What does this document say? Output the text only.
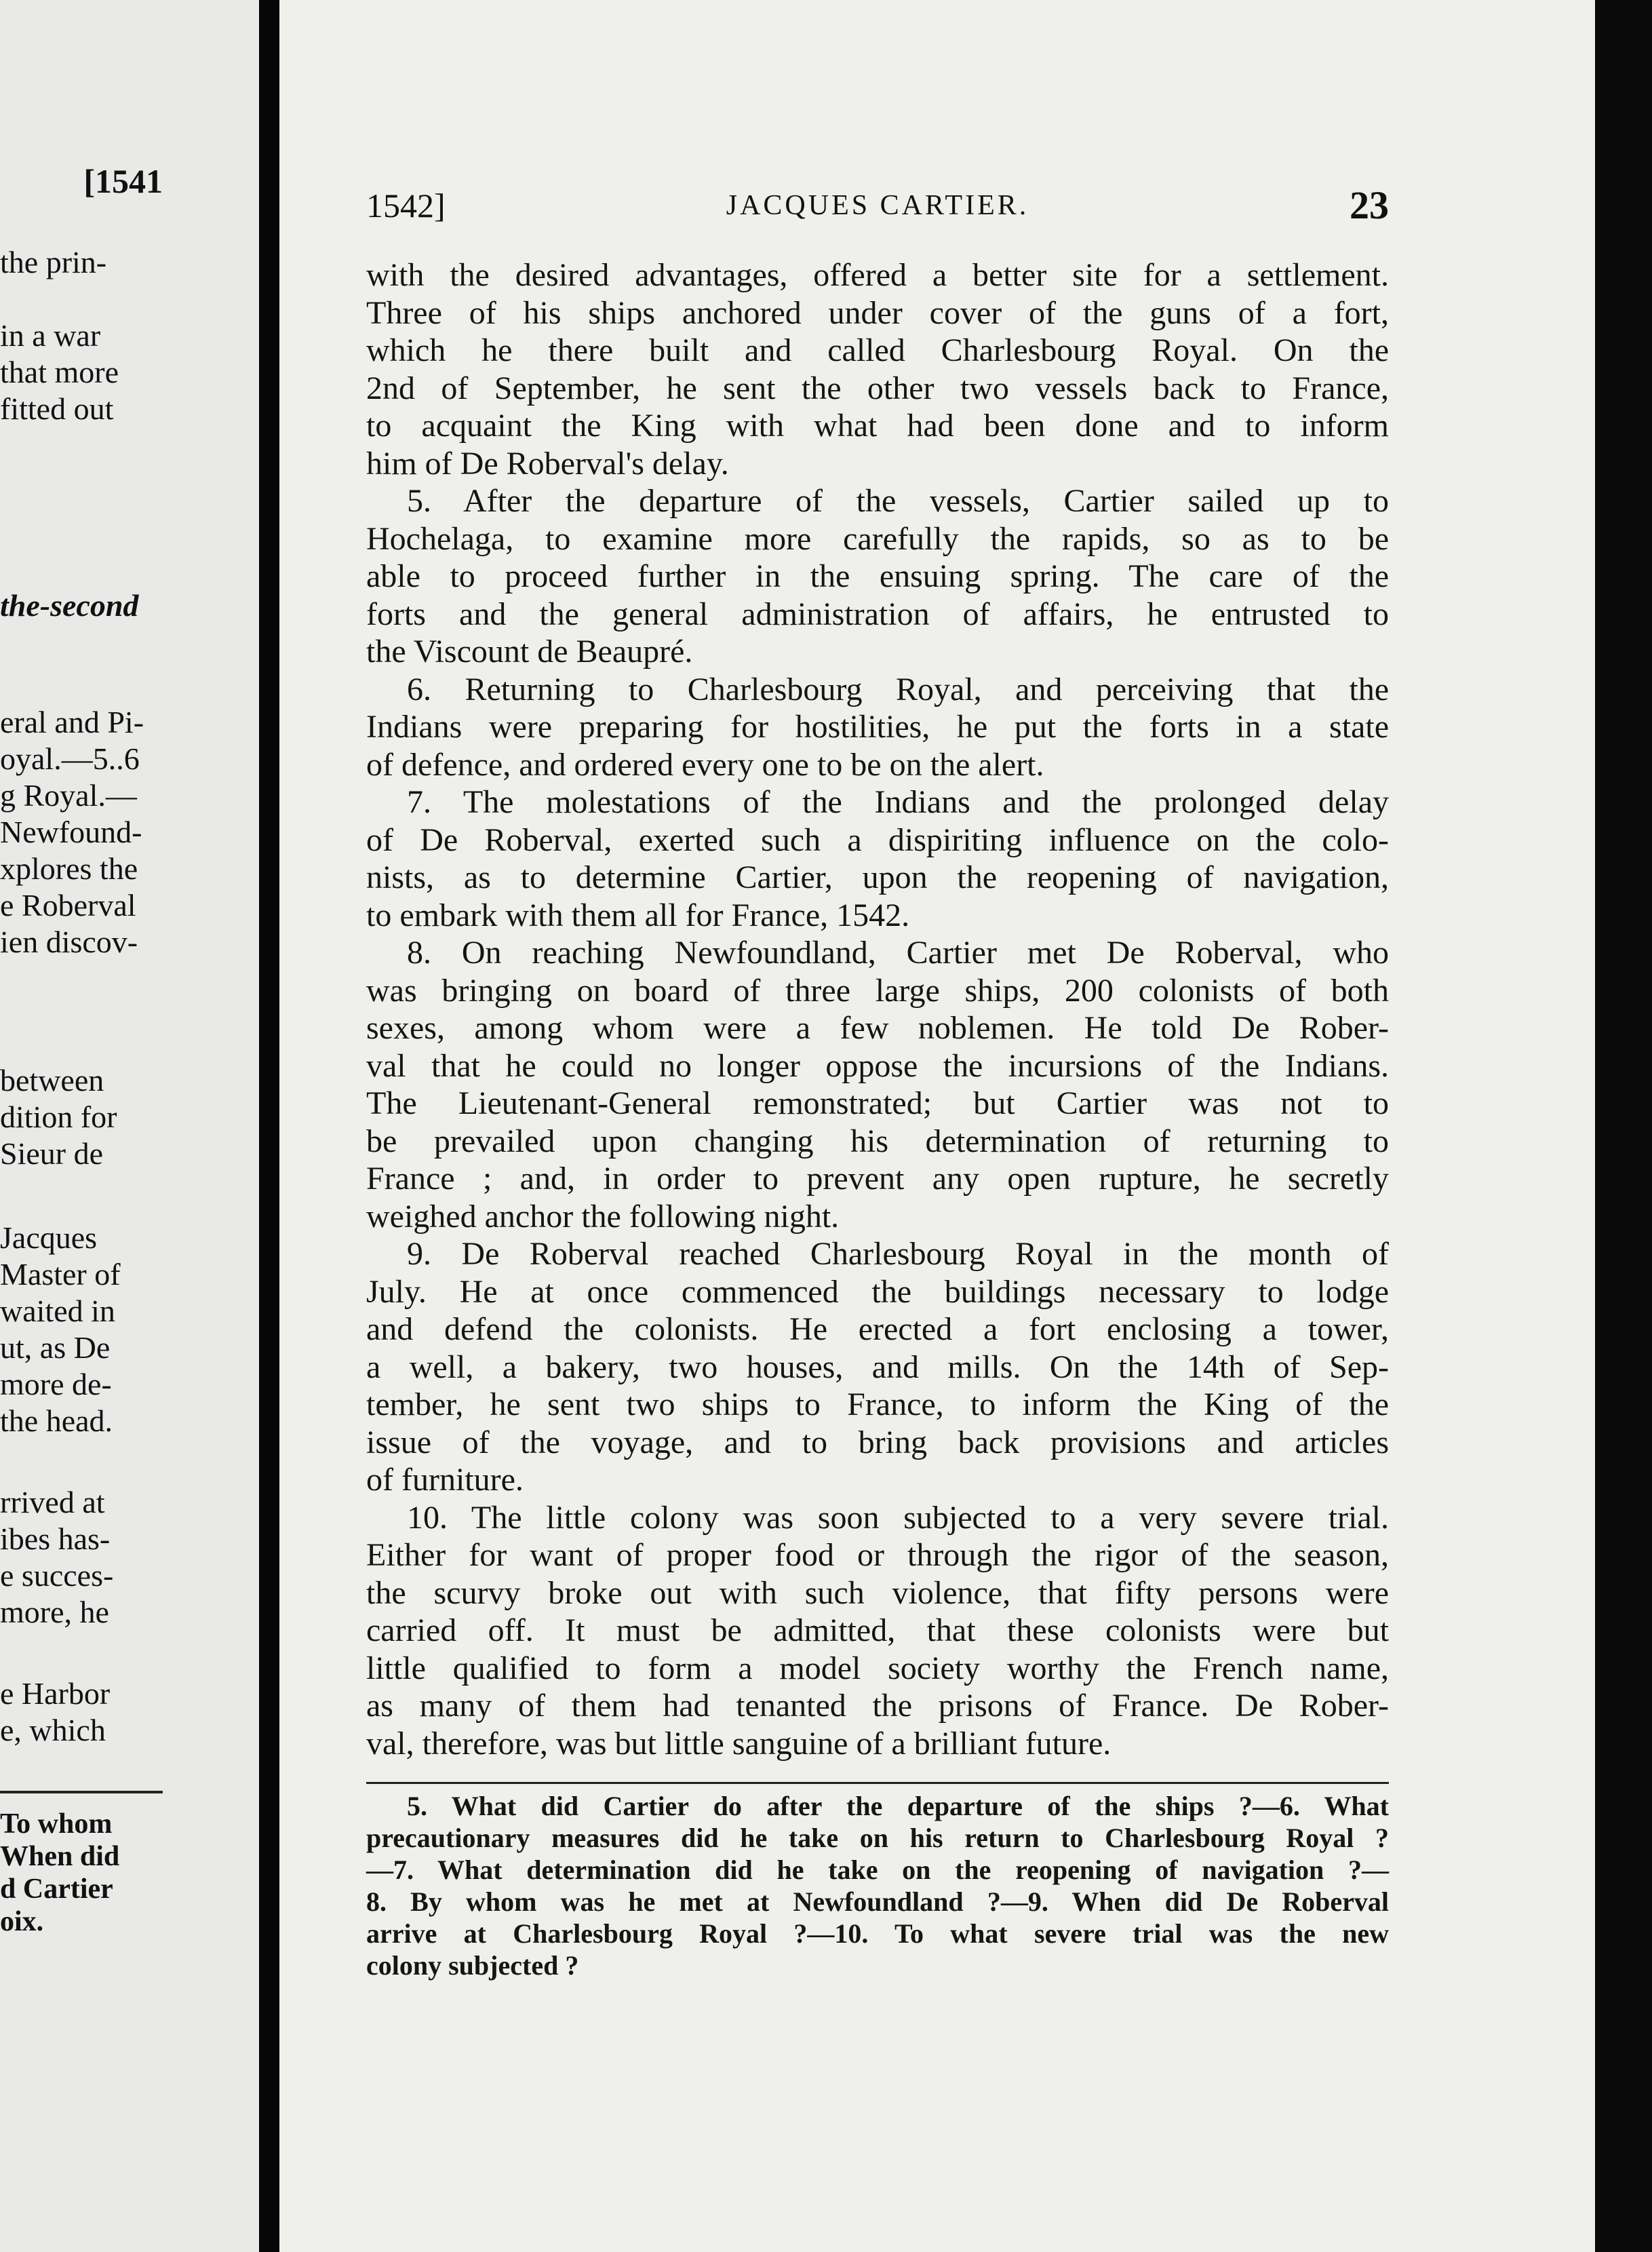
[1541
the prin-
in a war
that more
fitted out
the-second
eral and Pi-
oyal.—5..6
g Royal.—
Newfound-
xplores the
e Roberval
ien discov-
between
dition for
Sieur de
Jacques
Master of
waited in
ut, as De
more de-
the head.
rrived at
ibes has-
e succes-
more, he
e Harbor
e, which
To whom
When did
d Cartier
oix.
JACQUES CARTIER.
1542]	23
with the desired advantages, offered a better site for a settlement.
Three of his ships anchored under cover of the guns of a fort,
which he there built and called Charlesbourg Royal. On the
2nd of September, he sent the other two vessels back to France,
to acquaint the King with what had been done and to inform
him of De Roberval's delay.
5. After the departure of the vessels, Cartier sailed up to
Hochelaga, to examine more carefully the rapids, so as to be
able to proceed further in the ensuing spring. The care of the
forts and the general administration of affairs, he entrusted to
the Viscount de Beaupré.
6. Returning to Charlesbourg Royal, and perceiving that the
Indians were preparing for hostilities, he put the forts in a state
of defence, and ordered every one to be on the alert.
7. The molestations of the Indians and the prolonged delay
of De Roberval, exerted such a dispiriting influence on the colo-
nists, as to determine Cartier, upon the reopening of navigation,
to embark with them all for France, 1542.
8. On reaching Newfoundland, Cartier met De Roberval, who
was bringing on board of three large ships, 200 colonists of both
sexes, among whom were a few noblemen. He told De Rober-
val that he could no longer oppose the incursions of the Indians.
The Lieutenant-General remonstrated; but Cartier was not to
be prevailed upon changing his determination of returning to
France ; and, in order to prevent any open rupture, he secretly
weighed anchor the following night.
9. De Roberval reached Charlesbourg Royal in the month of
July. He at once commenced the buildings necessary to lodge
and defend the colonists. He erected a fort enclosing a tower,
a well, a bakery, two houses, and mills. On the 14th of Sep-
tember, he sent two ships to France, to inform the King of the
issue of the voyage, and to bring back provisions and articles
of furniture.
10. The little colony was soon subjected to a very severe trial.
Either for want of proper food or through the rigor of the season,
the scurvy broke out with such violence, that fifty persons were
carried off. It must be admitted, that these colonists were but
little qualified to form a model society worthy the French name,
as many of them had tenanted the prisons of France. De Rober-
val, therefore, was but little sanguine of a brilliant future.
5. What did Cartier do after the departure of the ships ?—6. What
precautionary measures did he take on his return to Charlesbourg Royal ?
—7. What determination did he take on the reopening of navigation ?—
8. By whom was he met at Newfoundland ?—9. When did De Roberval
arrive at Charlesbourg Royal ?—10. To what severe trial was the new
colony subjected ?
